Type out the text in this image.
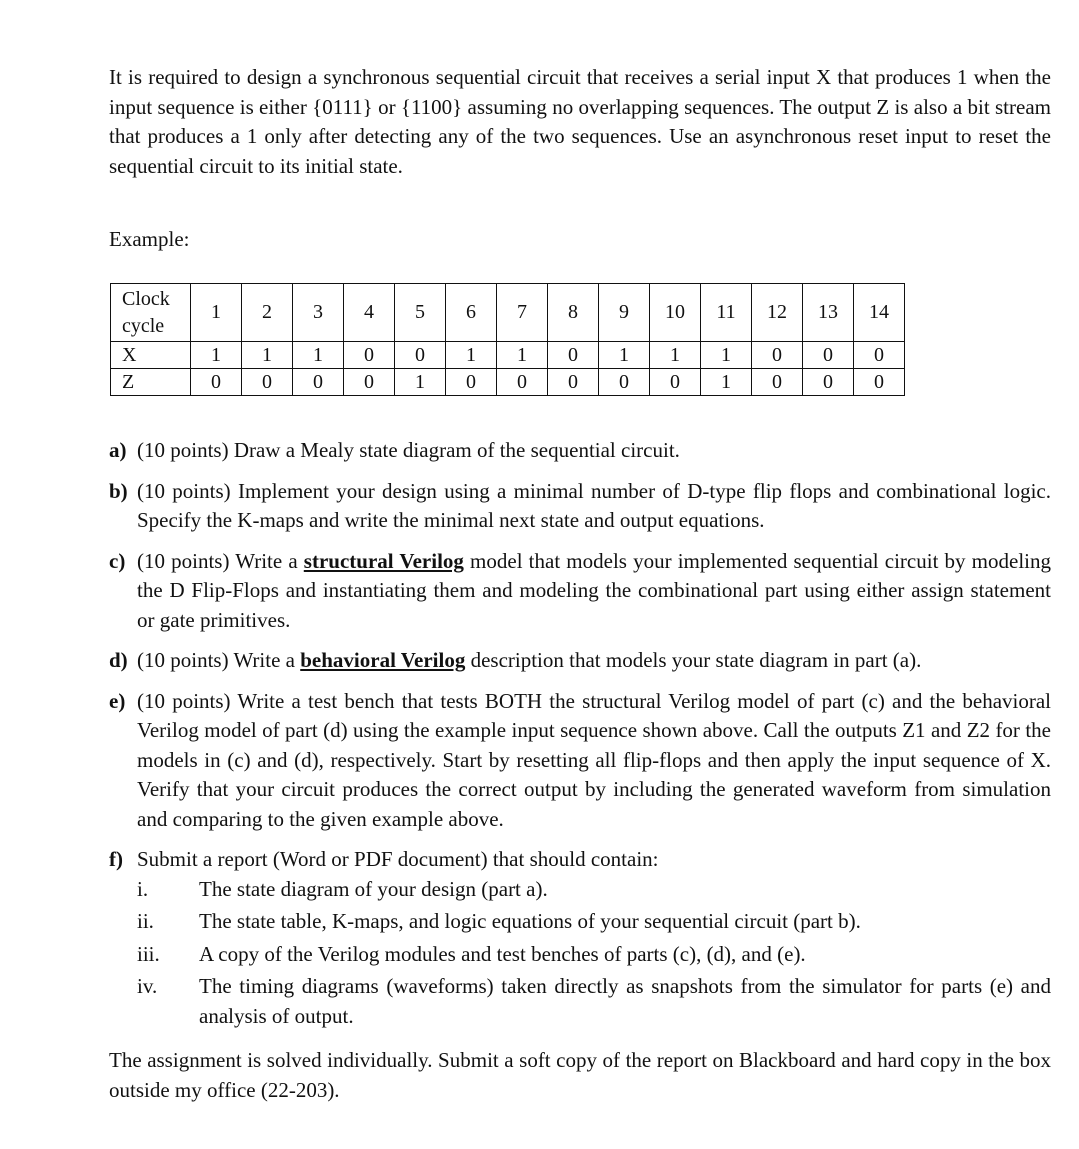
It is required to design a synchronous sequential circuit that receives a serial input X that produces 1 when the input sequence is either {0111} or {1100} assuming no overlapping sequences. The output Z is also a bit stream that produces a 1 only after detecting any of the two sequences. Use an asynchronous reset input to reset the sequential circuit to its initial state.

Example:

Clock cycle	1	2	3	4	5	6	7	8	9	10	11	12	13	14
X	1	1	1	0	0	1	1	0	1	1	1	0	0	0
Z	0	0	0	0	1	0	0	0	0	0	1	0	0	0

a) (10 points) Draw a Mealy state diagram of the sequential circuit.

b) (10 points) Implement your design using a minimal number of D-type flip flops and combinational logic. Specify the K-maps and write the minimal next state and output equations.

c) (10 points) Write a structural Verilog model that models your implemented sequential circuit by modeling the D Flip-Flops and instantiating them and modeling the combinational part using either assign statement or gate primitives.

d) (10 points) Write a behavioral Verilog description that models your state diagram in part (a).

e) (10 points) Write a test bench that tests BOTH the structural Verilog model of part (c) and the behavioral Verilog model of part (d) using the example input sequence shown above. Call the outputs Z1 and Z2 for the models in (c) and (d), respectively. Start by resetting all flip-flops and then apply the input sequence of X. Verify that your circuit produces the correct output by including the generated waveform from simulation and comparing to the given example above.

f) Submit a report (Word or PDF document) that should contain:

i.	The state diagram of your design (part a).

ii.	The state table, K-maps, and logic equations of your sequential circuit (part b).

iii.	A copy of the Verilog modules and test benches of parts (c), (d), and (e).

iv.	The timing diagrams (waveforms) taken directly as snapshots from the simulator for parts (e) and analysis of output.

The assignment is solved individually. Submit a soft copy of the report on Blackboard and hard copy in the box outside my office (22-203).
